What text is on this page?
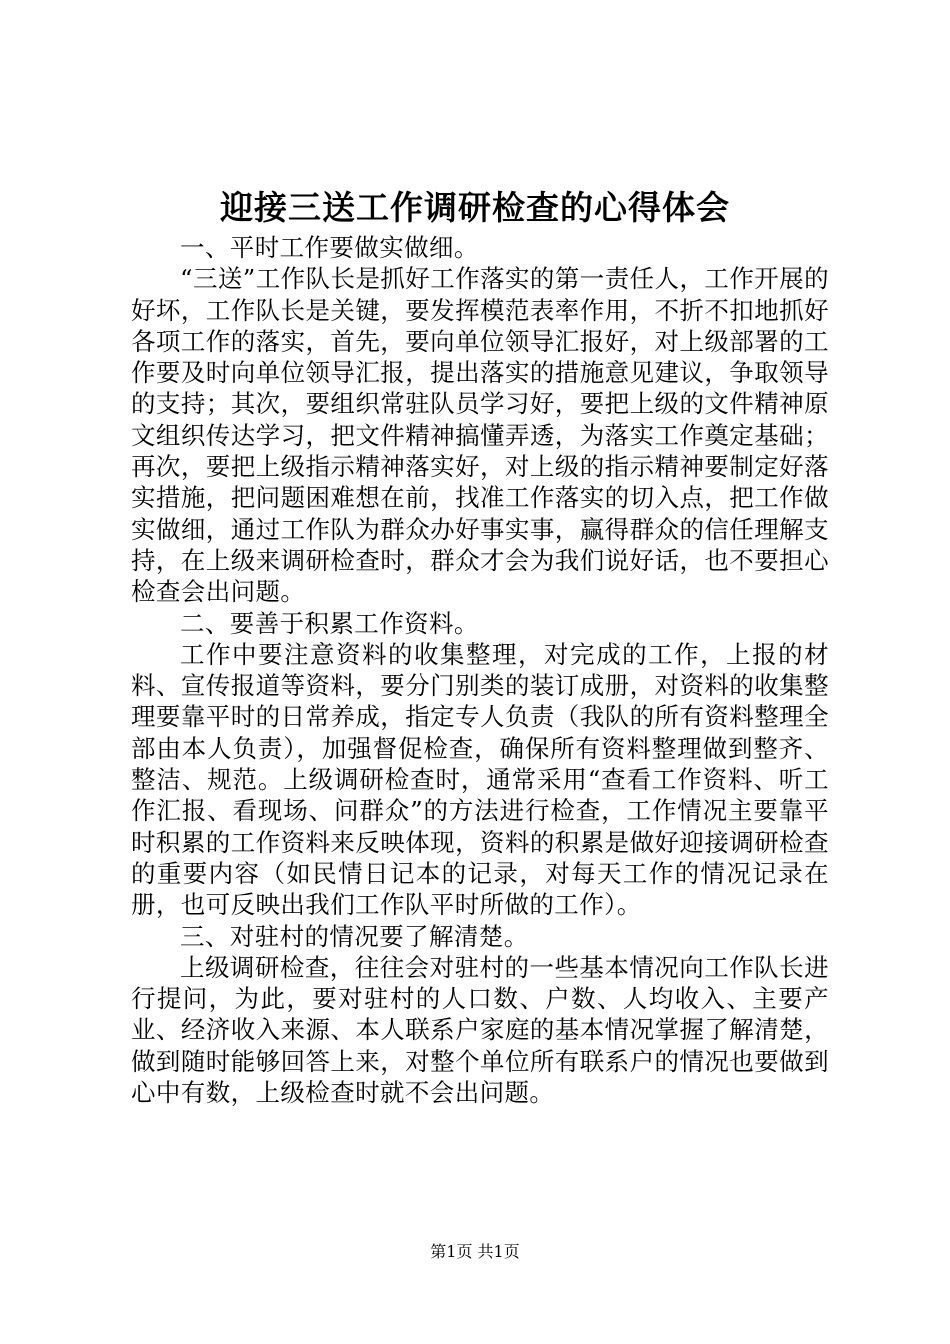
迎接三送工作调研检查的心得体会

一、平时工作要做实做细。

“三送”工作队长是抓好工作落实的第一责任人，工作开展的好坏，工作队长是关键，要发挥模范表率作用，不折不扣地抓好各项工作的落实，首先，要向单位领导汇报好，对上级部署的工作要及时向单位领导汇报，提出落实的措施意见建议，争取领导的支持；其次，要组织常驻队员学习好，要把上级的文件精神原文组织传达学习，把文件精神搞懂弄透，为落实工作奠定基础；再次，要把上级指示精神落实好，对上级的指示精神要制定好落实措施，把问题困难想在前，找准工作落实的切入点，把工作做实做细，通过工作队为群众办好事实事，赢得群众的信任理解支持，在上级来调研检查时，群众才会为我们说好话，也不要担心检查会出问题。

二、要善于积累工作资料。

工作中要注意资料的收集整理，对完成的工作，上报的材料、宣传报道等资料，要分门别类的装订成册，对资料的收集整理要靠平时的日常养成，指定专人负责（我队的所有资料整理全部由本人负责），加强督促检查，确保所有资料整理做到整齐、整洁、规范。上级调研检查时，通常采用“查看工作资料、听工作汇报、看现场、问群众”的方法进行检查，工作情况主要靠平时积累的工作资料来反映体现，资料的积累是做好迎接调研检查的重要内容（如民情日记本的记录，对每天工作的情况记录在册，也可反映出我们工作队平时所做的工作）。

三、对驻村的情况要了解清楚。

上级调研检查，往往会对驻村的一些基本情况向工作队长进行提问，为此，要对驻村的人口数、户数、人均收入、主要产业、经济收入来源、本人联系户家庭的基本情况掌握了解清楚，做到随时能够回答上来，对整个单位所有联系户的情况也要做到心中有数，上级检查时就不会出问题。

第1页 共1页
